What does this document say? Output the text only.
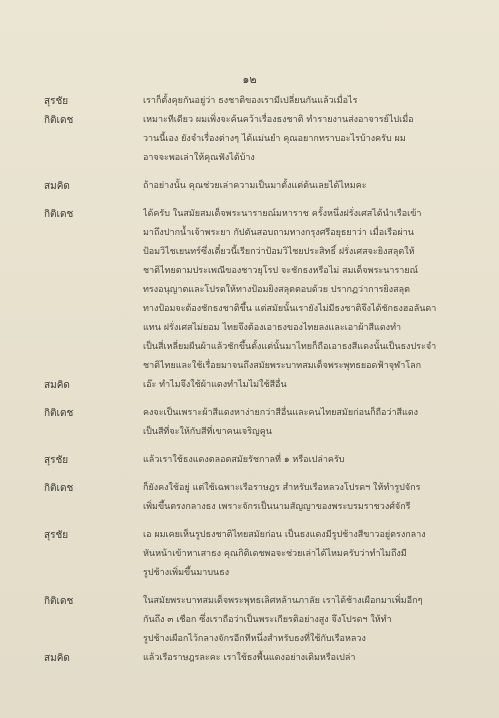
๑๒
สุรชัย	เราก็ตั้งคุยกันอยู่ว่า ธงชาติของเรามีเปลี่ยนกันแล้วเมื่อไร
กิติเดช	เหมาะทีเดียว ผมเพิ่งจะค้นคว้าเรื่องธงชาติ ทำรายงานส่งอาจารย์ไปเมื่อ
วานนี้เอง ยังจำเรื่องต่างๆ ได้แม่นยำ คุณอยากทราบอะไรบ้างครับ ผม
อาจจะพอเล่าให้คุณฟังได้บ้าง
สมคิด	ถ้าอย่างนั้น คุณช่วยเล่าความเป็นมาตั้งแต่ต้นเลยได้ไหมคะ
กิติเดช	ได้ครับ ในสมัยสมเด็จพระนารายณ์มหาราช ครั้งหนึ่งฝรั่งเศสได้นำเรือเข้า
มาถึงปากน้ำเจ้าพระยา กัปตันสอบถามทางกรุงศรีอยุธยาว่า เมื่อเรือผ่าน
ป้อมวิไชเยนทร์ซึ่งเดี๋ยวนี้เรียกว่าป้อมวิไชยประสิทธิ์ ฝรั่งเศสจะยิงสลุตให้
ชาติไทยตามประเพณีของชาวยุโรป จะชักธงหรือไม่ สมเด็จพระนารายณ์
ทรงอนุญาตและโปรดให้ทางป้อมยิงสลุตตอบด้วย ปรากฏว่าการยิงสลุต
ทางป้อมจะต้องชักธงชาติขึ้น แต่สมัยนั้นเรายังไม่มีธงชาติจึงได้ชักธงฮอลันดา
แทน ฝรั่งเศสไม่ยอม ไทยจึงต้องเอาธงของไทยลงและเอาผ้าสีแดงทำ
เป็นสี่เหลี่ยมผืนผ้าแล้วชักขึ้นตั้งแต่นั้นมาไทยก็ถือเอาธงสีแดงนั้นเป็นธงประจำ
ชาติไทยและใช้เรื่อยมาจนถึงสมัยพระบาทสมเด็จพระพุทธยอดฟ้าจุฬาโลก
สมคิด	เอ๊ะ ทำไมจึงใช้ผ้าแดงทำไมไม่ใช้สีอื่น
กิติเดช	คงจะเป็นเพราะผ้าสีแดงหาง่ายกว่าสีอื่นและคนไทยสมัยก่อนก็ถือว่าสีแดง
เป็นสีที่จะให้กับสีที่เขาคนเจริญคูน
สุรชัย	แล้วเราใช้ธงแดงตลอดสมัยรัชกาลที่ ๑ หรือเปล่าครับ
กิติเดช	ก็ยังคงใช้อยู่ แต่ใช้เฉพาะเรือราษฎร สำหรับเรือหลวงโปรดฯ ให้ทำรูปจักร
เพิ่มขึ้นตรงกลางธง เพราะจักรเป็นนามสัญญาของพระบรมราชวงศ์จักรี
สุรชัย	เอ ผมเคยเห็นรูปธงชาติไทยสมัยก่อน เป็นธงแดงมีรูปช้างสีขาวอยู่ตรงกลาง
หันหน้าเข้าหาเสาธง คุณกิติเดชพอจะช่วยเล่าได้ไหมครับว่าทำไมถึงมี
รูปช้างเพิ่มขึ้นมาบนธง
กิติเดช	ในสมัยพระบาทสมเด็จพระพุทธเลิศหล้านภาลัย เราได้ช้างเผือกมาเพิ่มอีกๆ
กันถึง ๓ เชือก ซึ่งเราถือว่าเป็นพระเกียรติอย่างสูง จึงโปรดฯ ให้ทำ
รูปช้างเผือกไว้กลางจักรอีกทีหนึ่งสำหรับธงที่ใช้กับเรือหลวง
สมคิด	แล้วเรือราษฎรละคะ เราใช้ธงพื้นแดงอย่างเดิมหรือเปล่า
